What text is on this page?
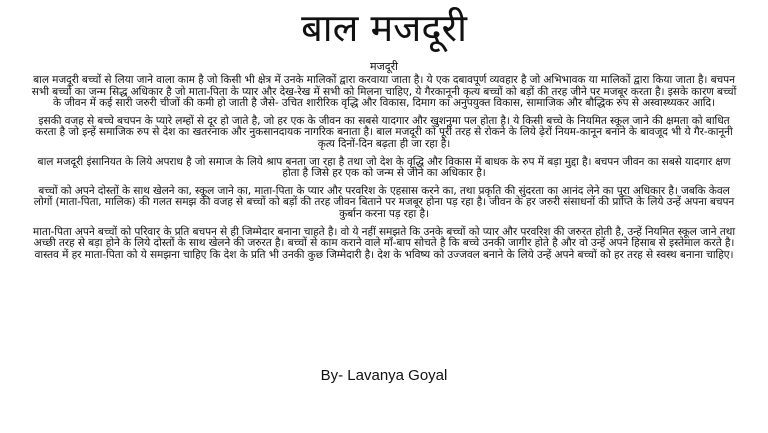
बाल मजदूरी
मजदूरी

बाल मजदूरी बच्चों से लिया जाने वाला काम है जो किसी भी क्षेत्र में उनके मालिकों द्वारा करवाया जाता है। ये एक दबावपूर्ण व्यवहार है जो अभिभावक या मालिकों द्वारा किया जाता है। बचपन सभी बच्चों का जन्म सिद्ध अधिकार है जो माता-पिता के प्यार और देख-रेख में सभी को मिलना चाहिए, ये गैरकानूनी कृत्य बच्चों को बड़ों की तरह जीने पर मजबूर करता है। इसके कारण बच्चों के जीवन में कई सारी जरुरी चीजों की कमी हो जाती है जैसे- उचित शारीरिक वृद्धि और विकास, दिमाग का अनुपयुक्त विकास, सामाजिक और बौद्धिक रुप से अस्वास्थ्यकर आदि।

इसकी वजह से बच्चे बचपन के प्यारे लम्हों से दूर हो जाते है, जो हर एक के जीवन का सबसे यादगार और खुशनुमा पल होता है। ये किसी बच्चे के नियमित स्कूल जाने की क्षमता को बाधित करता है जो इन्हें समाजिक रुप से देश का खतरनाक और नुकसानदायक नागरिक बनाता है। बाल मजदूरी को पूरी तरह से रोकने के लिये ढ़ेरों नियम-कानून बनाने के बावजूद भी ये गैर-कानूनी कृत्य दिनों-दिन बढ़ता ही जा रहा है।

बाल मजदूरी इंसानियत के लिये अपराध है जो समाज के लिये श्राप बनता जा रहा है तथा जो देश के वृद्धि और विकास में बाधक के रुप में बड़ा मुद्दा है। बचपन जीवन का सबसे यादगार क्षण होता है जिसे हर एक को जन्म से जीने का अधिकार है।

बच्चों को अपने दोस्तों के साथ खेलने का, स्कूल जाने का, माता-पिता के प्यार और परवरिश के एहसास करने का, तथा प्रकृति की सुंदरता का आनंद लेने का पूरा अधिकार है। जबकि केवल लोगों (माता-पिता, मालिक) की गलत समझ की वजह से बच्चों को बड़ों की तरह जीवन बिताने पर मजबूर होना पड़ रहा है। जीवन के हर जरुरी संसाधनों की प्राप्ति के लिये उन्हें अपना बचपन कुर्बान करना पड़ रहा है।

माता-पिता अपने बच्चों को परिवार के प्रति बचपन से ही जिम्मेदार बनाना चाहते है। वो ये नहीं समझते कि उनके बच्चों को प्यार और परवरिश की जरुरत होती है, उन्हें नियमित स्कूल जाने तथा अच्छी तरह से बड़ा होने के लिये दोस्तों के साथ खेलने की जरुरत है। बच्चों से काम कराने वाले माँ-बाप सोचते है कि बच्चे उनकी जागीर होते है और वो उन्हें अपने हिसाब से इस्तेमाल करते है। वास्तव में हर माता-पिता को ये समझना चाहिए कि देश के प्रति भी उनकी कुछ जिम्मेदारी है। देश के भविष्य को उज्जवल बनाने के लिये उन्हें अपने बच्चों को हर तरह से स्वस्थ बनाना चाहिए।

By- Lavanya Goyal
